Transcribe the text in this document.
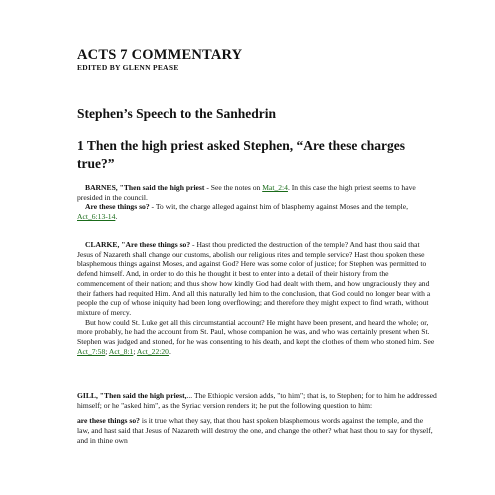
ACTS 7 COMMENTARY
EDITED BY GLENN PEASE
Stephen’s Speech to the Sanhedrin
1 Then the high priest asked Stephen, “Are these charges true?”

BARNES, "Then said the high priest - See the notes on Mat_2:4. In this case the high priest seems to have presided in the council.

Are these things so? - To wit, the charge alleged against him of blasphemy against Moses and the temple, Act_6:13-14.

CLARKE, "Are these things so? - Hast thou predicted the destruction of the temple? And hast thou said that Jesus of Nazareth shall change our customs, abolish our religious rites and temple service? Hast thou spoken these blasphemous things against Moses, and against God? Here was some color of justice; for Stephen was permitted to defend himself. And, in order to do this he thought it best to enter into a detail of their history from the commencement of their nation; and thus show how kindly God had dealt with them, and how ungraciously they and their fathers had requited Him. And all this naturally led him to the conclusion, that God could no longer bear with a people the cup of whose iniquity had been long overflowing; and therefore they might expect to find wrath, without mixture of mercy.

But how could St. Luke get all this circumstantial account? He might have been present, and heard the whole; or, more probably, he had the account from St. Paul, whose companion he was, and who was certainly present when St. Stephen was judged and stoned, for he was consenting to his death, and kept the clothes of them who stoned him. See Act_7:58; Act_8:1; Act_22:20.

GILL, "Then said the high priest,... The Ethiopic version adds, "to him"; that is, to Stephen; for to him he addressed himself; or he "asked him", as the Syriac version renders it; he put the following question to him:

are these things so? is it true what they say, that thou hast spoken blasphemous words against the temple, and the law, and hast said that Jesus of Nazareth will destroy the one, and change the other? what hast thou to say for thyself, and in thine own
